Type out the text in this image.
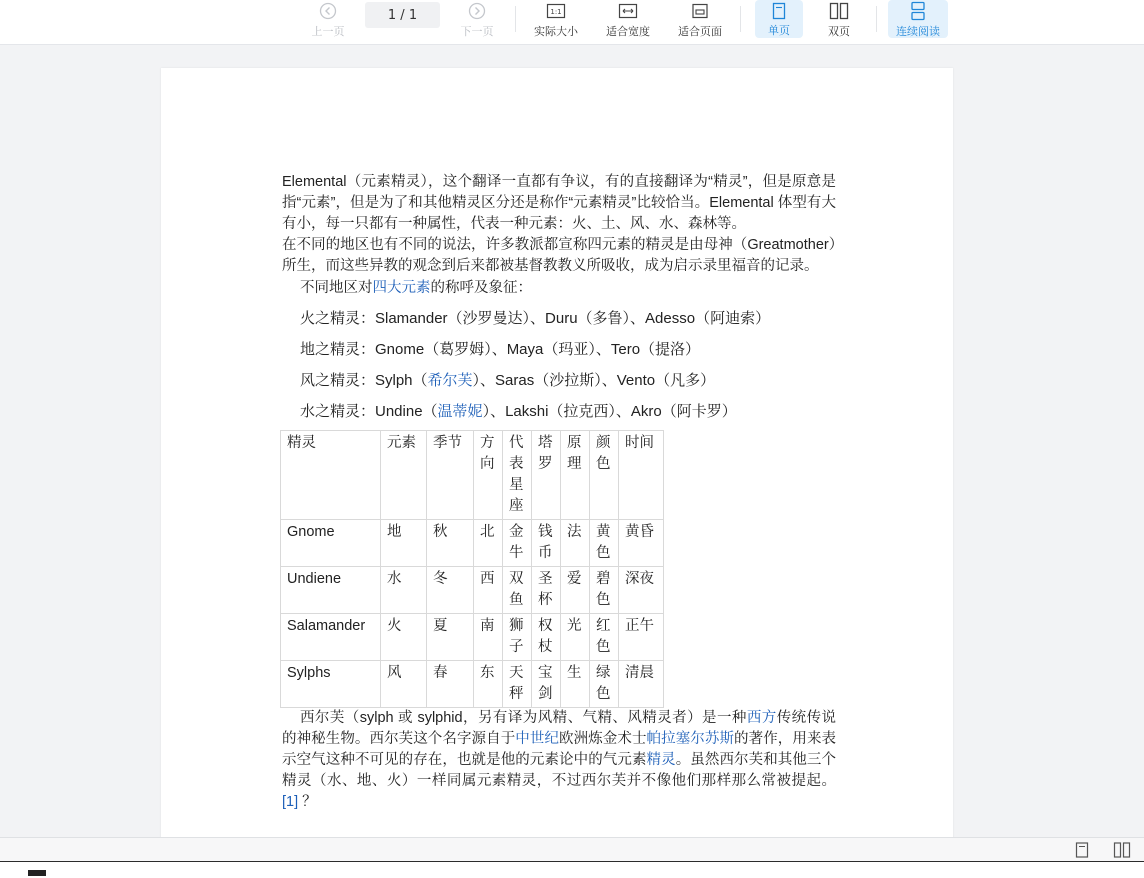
上一页
1 / 1
下一页
1:1
实际大小	适合宽度	适合页面	单页	双页	连续阅读

Elemental（元素精灵），这个翻译一直都有争议，有的直接翻译为“精灵”，但是原意是指“元素”，但是为了和其他精灵区分还是称作“元素精灵”比较恰当。Elemental 体型有大有小，每一只都有一种属性，代表一种元素：火、土、风、水、森林等。

在不同的地区也有不同的说法，许多教派都宣称四元素的精灵是由母神（Greatmother）所生，而这些异教的观念到后来都被基督教教义所吸收，成为启示录里福音的记录。

不同地区对四大元素的称呼及象征：

火之精灵：Slamander（沙罗曼达）、Duru（多鲁）、Adesso（阿迪索）

地之精灵：Gnome（葛罗姆）、Maya（玛亚）、Tero（提洛）

风之精灵：Sylph（希尔芙）、Saras（沙拉斯）、Vento（凡多）

水之精灵：Undine（温蒂妮）、Lakshi（拉克西）、Akro（阿卡罗）

精灵	元素	季节	方向	代表星座	塔罗	原理	颜色	时间
Gnome	地	秋	北	金牛	钱币	法	黄色	黄昏
Undiene	水	冬	西	双鱼	圣杯	爱	碧色	深夜
Salamander	火	夏	南	狮子	权杖	光	红色	正午
Sylphs	风	春	东	天秤	宝剑	生	绿色	清晨

西尔芙（sylph 或 sylphid，另有译为风精、气精、风精灵者）是一种西方传统传说的神秘生物。西尔芙这个名字源自于中世纪欧洲炼金术士帕拉塞尔苏斯的著作，用来表示空气这种不可见的存在，也就是他的元素论中的气元素精灵。虽然西尔芙和其他三个精灵（水、地、火）一样同属元素精灵，不过西尔芙并不像他们那样那么常被提起。 [1] ？
